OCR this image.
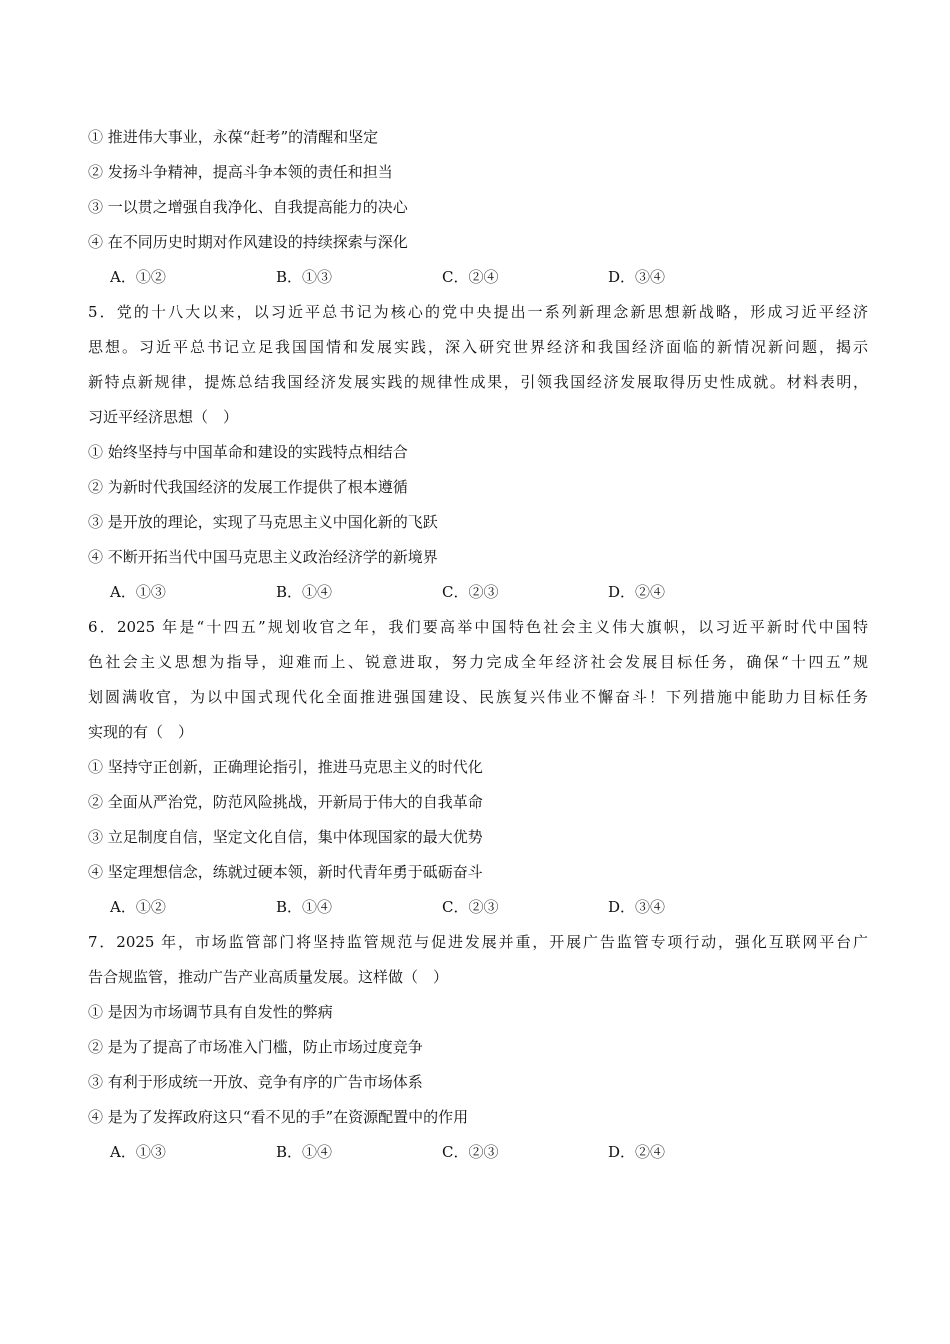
① 推进伟大事业，永葆“赶考”的清醒和坚定
② 发扬斗争精神，提高斗争本领的责任和担当
③ 一以贯之增强自我净化、自我提高能力的决心
④ 在不同历史时期对作风建设的持续探索与深化
A．①②	B．①③	C．②④	D．③④
5．党的十八大以来，以习近平总书记为核心的党中央提出一系列新理念新思想新战略，形成习近平经济
思想。习近平总书记立足我国国情和发展实践，深入研究世界经济和我国经济面临的新情况新问题，揭示
新特点新规律，提炼总结我国经济发展实践的规律性成果，引领我国经济发展取得历史性成就。材料表明，
习近平经济思想（　）
① 始终坚持与中国革命和建设的实践特点相结合
② 为新时代我国经济的发展工作提供了根本遵循
③ 是开放的理论，实现了马克思主义中国化新的飞跃
④ 不断开拓当代中国马克思主义政治经济学的新境界
A．①③	B．①④	C．②③	D．②④
6．2025 年是“十四五”规划收官之年，我们要高举中国特色社会主义伟大旗帜，以习近平新时代中国特
色社会主义思想为指导，迎难而上、锐意进取，努力完成全年经济社会发展目标任务，确保“十四五”规
划圆满收官，为以中国式现代化全面推进强国建设、民族复兴伟业不懈奋斗！下列措施中能助力目标任务
实现的有（　）
① 坚持守正创新，正确理论指引，推进马克思主义的时代化
② 全面从严治党，防范风险挑战，开新局于伟大的自我革命
③ 立足制度自信，坚定文化自信，集中体现国家的最大优势
④ 坚定理想信念，练就过硬本领，新时代青年勇于砥砺奋斗
A．①②	B．①④	C．②③	D．③④
7．2025 年，市场监管部门将坚持监管规范与促进发展并重，开展广告监管专项行动，强化互联网平台广
告合规监管，推动广告产业高质量发展。这样做（　）
① 是因为市场调节具有自发性的弊病
② 是为了提高了市场准入门槛，防止市场过度竞争
③ 有利于形成统一开放、竞争有序的广告市场体系
④ 是为了发挥政府这只“看不见的手”在资源配置中的作用
A．①③	B．①④	C．②③	D．②④
